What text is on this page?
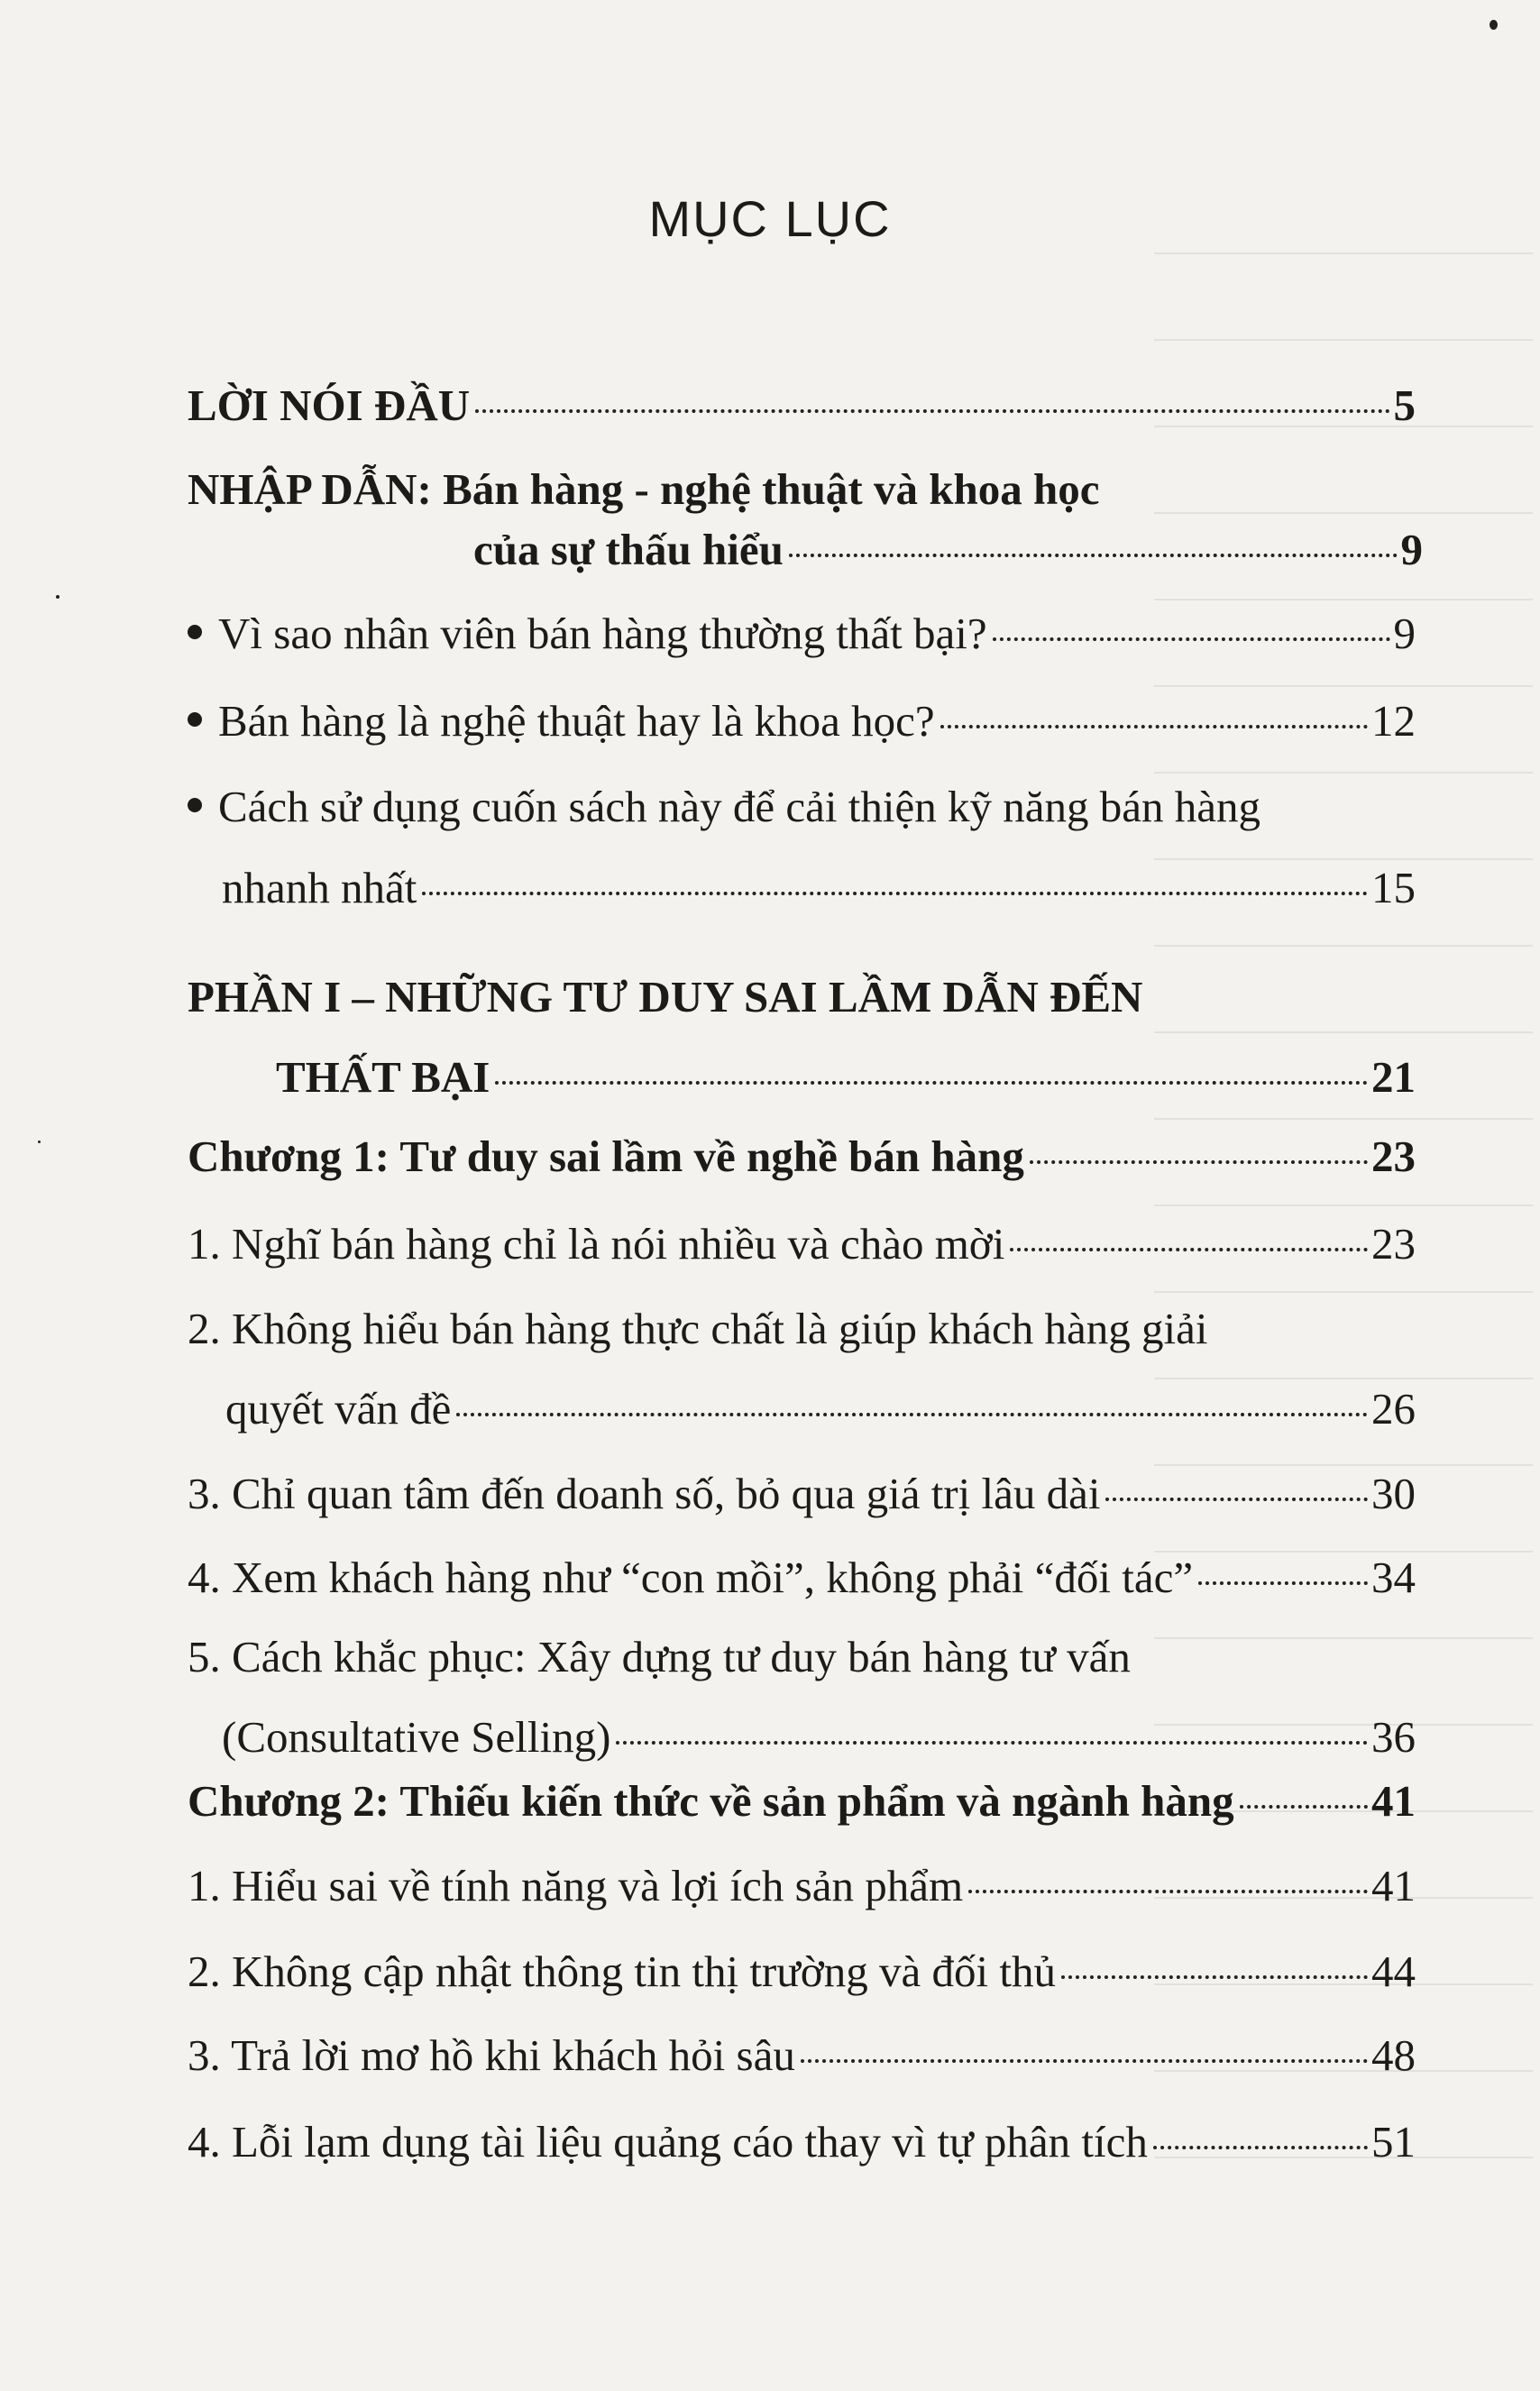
MỤC LỤC
LỜI NÓI ĐẦU	5
NHẬP DẪN: Bán hàng - nghệ thuật và khoa học
của sự thấu hiểu	9
Vì sao nhân viên bán hàng thường thất bại?	9
Bán hàng là nghệ thuật hay là khoa học?	12
Cách sử dụng cuốn sách này để cải thiện kỹ năng bán hàng
nhanh nhất	15
PHẦN I – NHỮNG TƯ DUY SAI LẦM DẪN ĐẾN
THẤT BẠI	21
Chương 1: Tư duy sai lầm về nghề bán hàng	23
1. Nghĩ bán hàng chỉ là nói nhiều và chào mời	23
2. Không hiểu bán hàng thực chất là giúp khách hàng giải
quyết vấn đề	26
3. Chỉ quan tâm đến doanh số, bỏ qua giá trị lâu dài	30
4. Xem khách hàng như “con mồi”, không phải “đối tác”	34
5. Cách khắc phục: Xây dựng tư duy bán hàng tư vấn
(Consultative Selling)	36
Chương 2: Thiếu kiến thức về sản phẩm và ngành hàng	41
1. Hiểu sai về tính năng và lợi ích sản phẩm	41
2. Không cập nhật thông tin thị trường và đối thủ	44
3. Trả lời mơ hồ khi khách hỏi sâu	48
4. Lỗi lạm dụng tài liệu quảng cáo thay vì tự phân tích	51
